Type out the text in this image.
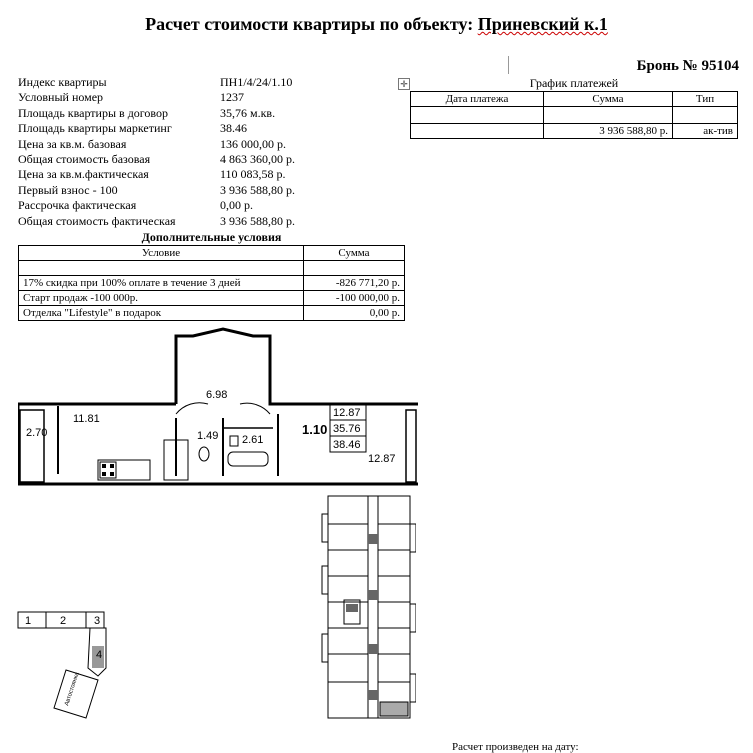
Расчет стоимости квартиры по объекту: Приневский к.1
Бронь № 95104
Индекс квартиры	ПН1/4/24/1.10
Условный номер	1237
Площадь квартиры в договор	35,76 м.кв.
Площадь квартиры маркетинг	38.46
Цена за кв.м. базовая	136 000,00 р.
Общая стоимость базовая	4 863 360,00 р.
Цена за кв.м.фактическая	110 083,58 р.
Первый взнос - 100	3 936 588,80 р.
Рассрочка фактическая	0,00 р.
Общая стоимость фактическая	3 936 588,80 р.
Дополнительные условия
Условие	Сумма

17% скидка при 100% оплате в течение 3 дней	-826 771,20 р.
Старт продаж -100 000р.	-100 000,00 р.
Отделка "Lifestyle" в подарок	0,00 р.
✛	График платежей
Дата платежа	Сумма	Тип

	3 936 588,80 р.	ак-тив
6.98
11.81
2.70	1.49 2.61
12.87
1.10
12.87
35.76
38.46
1	2	3
4
Автостоянка
Расчет произведен на дату:
